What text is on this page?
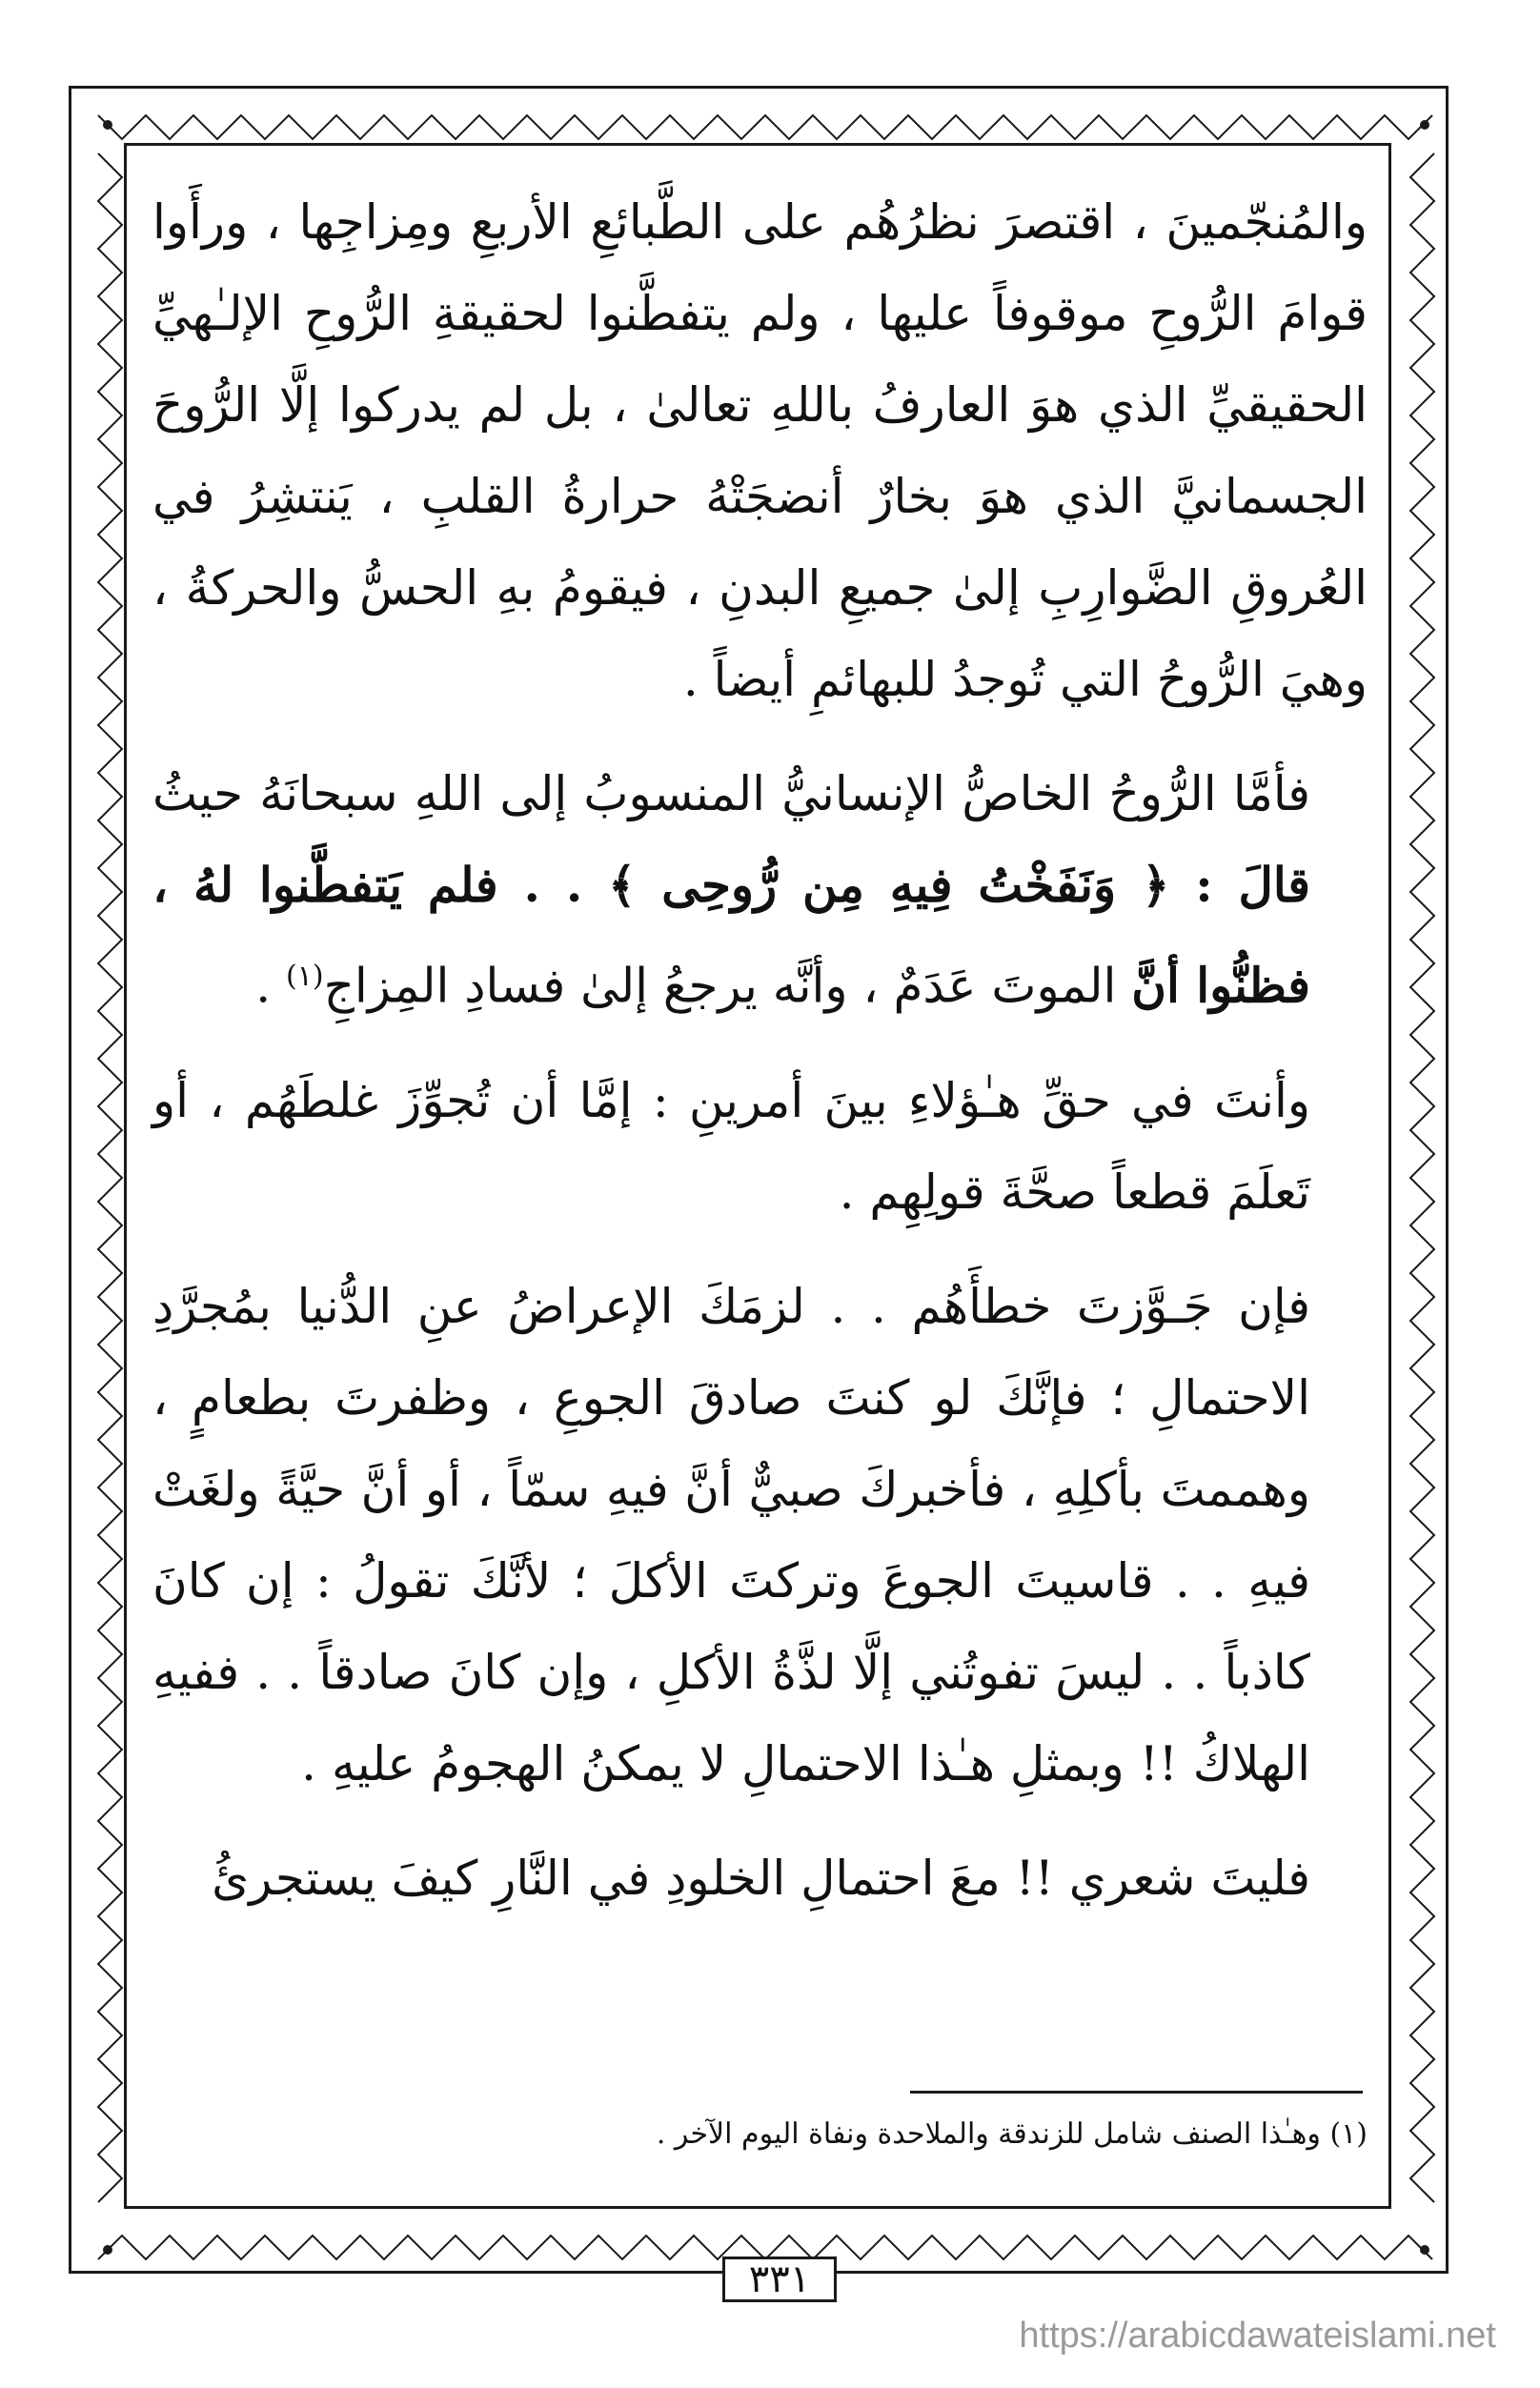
والمُنجّمينَ ، اقتصرَ نظرُهُم على الطَّبائعِ الأربعِ ومِزاجِها ، ورأَوا قوامَ الرُّوحِ موقوفاً عليها ، ولم يتفطَّنوا لحقيقةِ الرُّوحِ الإلـٰهيِّ الحقيقيِّ الذي هوَ العارفُ باللهِ تعالىٰ ، بل لم يدركوا إلَّا الرُّوحَ الجسمانيَّ الذي هوَ بخارٌ أنضجَتْهُ حرارةُ القلبِ ، يَنتشِرُ في العُروقِ الضَّوارِبِ إلىٰ جميعِ البدنِ ، فيقومُ بهِ الحسُّ والحركةُ ، وهيَ الرُّوحُ التي تُوجدُ للبهائمِ أيضاً .

فأمَّا الرُّوحُ الخاصُّ الإنسانيُّ المنسوبُ إلى اللهِ سبحانَهُ حيثُ قالَ : ﴿ وَنَفَخْتُ فِيهِ مِن رُّوحِى ﴾ . . فلم يَتفطَّنوا لهُ ، فظنُّوا أنَّ الموتَ عَدَمٌ ، وأنَّه يرجعُ إلىٰ فسادِ المِزاجِ$^{(١)}$ .

وأنتَ في حقِّ هـٰؤلاءِ بينَ أمرينِ : إمَّا أن تُجوِّزَ غلطَهُم ، أو تَعلَمَ قطعاً صحَّةَ قولِهِم .

فإن جَـوَّزتَ خطأَهُم . . لزمَكَ الإعراضُ عنِ الدُّنيا بمُجرَّدِ الاحتمالِ ؛ فإنَّكَ لو كنتَ صادقَ الجوعِ ، وظفرتَ بطعامٍ ، وهممتَ بأكلِهِ ، فأخبركَ صبيٌّ أنَّ فيهِ سمّاً ، أو أنَّ حيَّةً ولغَتْ فيهِ . . قاسيتَ الجوعَ وتركتَ الأكلَ ؛ لأنَّكَ تقولُ : إن كانَ كاذباً . . ليسَ تفوتُني إلَّا لذَّةُ الأكلِ ، وإن كانَ صادقاً . . ففيهِ الهلاكُ !! وبمثلِ هـٰذا الاحتمالِ لا يمكنُ الهجومُ عليهِ .

فليتَ شعري !! معَ احتمالِ الخلودِ في النَّارِ كيفَ يستجرئُ

(١) وهـٰذا الصنف شامل للزندقة والملاحدة ونفاة اليوم الآخر .
٣٣١
https://arabicdawateislami.net
